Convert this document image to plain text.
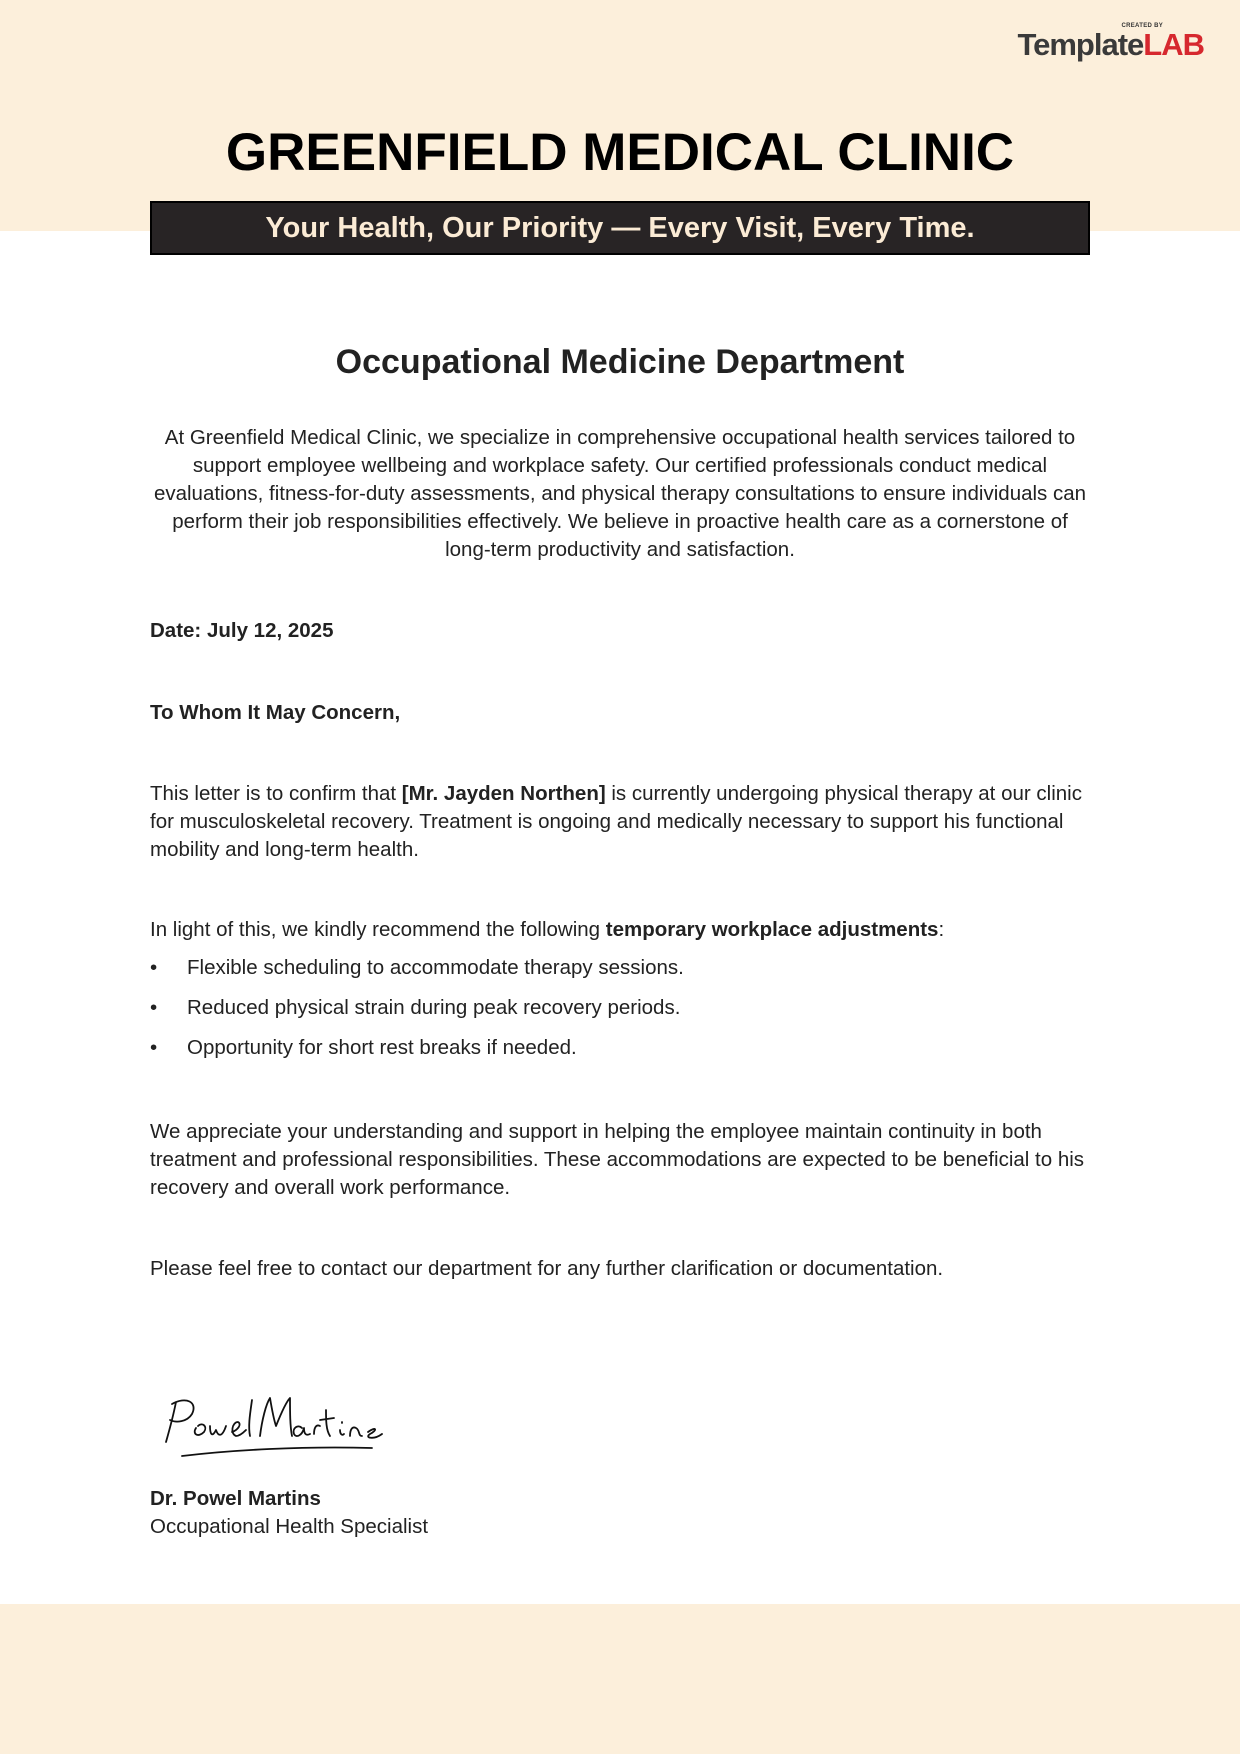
CREATED BY
TemplateLAB
GREENFIELD MEDICAL CLINIC
Your Health, Our Priority — Every Visit, Every Time.
Occupational Medicine Department

At Greenfield Medical Clinic, we specialize in comprehensive occupational health services tailored to support employee wellbeing and workplace safety. Our certified professionals conduct medical evaluations, fitness-for-duty assessments, and physical therapy consultations to ensure individuals can perform their job responsibilities effectively. We believe in proactive health care as a cornerstone of long-term productivity and satisfaction.

Date: July 12, 2025

To Whom It May Concern,

This letter is to confirm that [Mr. Jayden Northen] is currently undergoing physical therapy at our clinic for musculoskeletal recovery. Treatment is ongoing and medically necessary to support his functional mobility and long-term health.

In light of this, we kindly recommend the following temporary workplace adjustments:

• Flexible scheduling to accommodate therapy sessions.
• Reduced physical strain during peak recovery periods.
• Opportunity for short rest breaks if needed.

We appreciate your understanding and support in helping the employee maintain continuity in both treatment and professional responsibilities. These accommodations are expected to be beneficial to his recovery and overall work performance.

Please feel free to contact our department for any further clarification or documentation.

Dr. Powel Martins

Occupational Health Specialist
